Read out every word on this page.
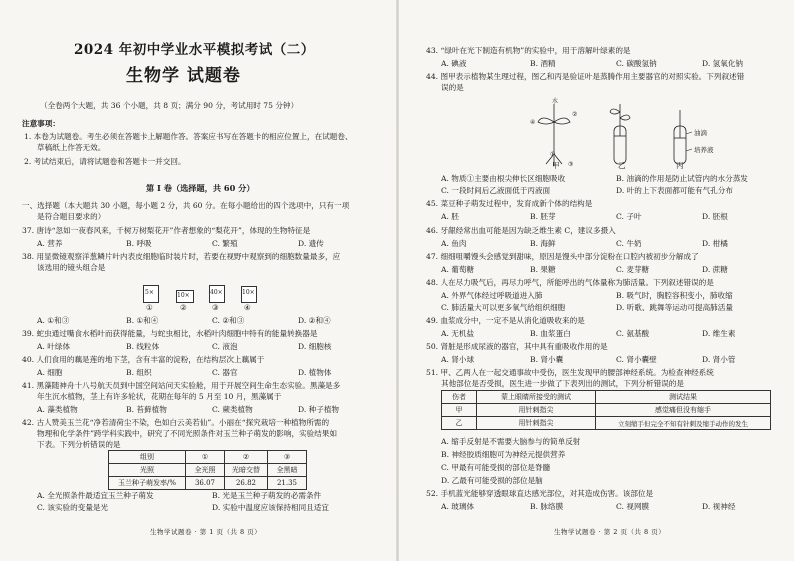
2024 年初中学业水平模拟考试（二）
生物学 试题卷
（全卷两个大题，共 36 个小题，共 8 页；满分 90 分，考试用时 75 分钟）
注意事项：
1. 本卷为试题卷。考生必须在答题卡上解题作答。答案应书写在答题卡的相应位置上，在试题卷、
草稿纸上作答无效。
2. 考试结束后，请将试题卷和答题卡一并交回。
第 I 卷（选择题，共 60 分）
一、选择题（本大题共 30 小题，每小题 2 分，共 60 分。在每小题给出的四个选项中，只有一项
是符合题目要求的）
37. 唐诗“忽如一夜春风来，千树万树梨花开”作者想象的“梨花开”，体现的生物特征是
A. 营养	B. 呼吸	C. 繁殖	D. 遗传
38. 用显微镜观察洋葱鳞片叶内表皮细胞临时装片时，若要在视野中观察到的细胞数量最多，应
该选用的镜头组合是
5×	10×	40×	10×
①	②	③	④
A. ①和③	B. ①和④	C. ②和③	D. ②和④
39. 蛇虫通过嘴食水稻叶而获得能量，与蛇虫相比，水稻叶肉细胞中特有的能量转换器是
A. 叶绿体	B. 线粒体	C. 液泡	D. 细胞核
40. 人们食用的藕是莲的地下茎，含有丰富的淀粉，在结构层次上藕属于
A. 细胞	B. 组织	C. 器官	D. 植物体
41. 黑藻随神舟十八号航天员到中国空间站问天实验舱，用于开展空间生命生态实验。黑藻是多
年生沉水植物，茎上有许多轮状，花期在每年的 5 月至 10 月，黑藻属于
A. 藻类植物	B. 苔藓植物	C. 蕨类植物	D. 种子植物
42. 古人赞美玉兰花“净若清荷尘不染，色如白云美若仙”。小丽在“探究栽培一种植物所需的
物理和化学条件”跨学科实践中，研究了不同光照条件对玉兰种子萌发的影响，实验结果如
下表。下列分析错误的是
组别	①	②	③
光照	全光照	光暗交替	全黑暗
玉兰种子萌发率/%	36.07	26.82	21.35
A. 全光照条件最适宜玉兰种子萌发	B. 光是玉兰种子萌发的必需条件
C. 该实验的变量是光	D. 实验中温度应该保持相同且适宜
生物学试题卷 · 第 1 页（共 8 页）
43. “绿叶在光下制造有机物”的实验中，用于溶解叶绿素的是
A. 碘液	B. 酒精	C. 碳酸氢钠	D. 氢氧化钠
44. 图甲表示植物某生理过程，图乙和丙是验证叶是蒸腾作用主要器官的对照实验。下列叙述错
误的是
水
②
①
③
④
油滴
培养液
甲	乙	丙
A. 物质①主要由根尖伸长区细胞吸收	B. 油滴的作用是防止试管内的水分蒸发
C. 一段时间后乙液面低于丙液面	D. 叶的上下表面都可能有气孔分布
45. 菜豆种子萌发过程中，发育成新个体的结构是
A. 胚	B. 胚芽	C. 子叶	D. 胚根
46. 牙龈经常出血可能是因为缺乏维生素 C，建议多摄入
A. 鱼肉	B. 海鲜	C. 牛奶	D. 柑橘
47. 细细咀嚼馒头会感觉到甜味，原因是馒头中部分淀粉在口腔内被初步分解成了
A. 葡萄糖	B. 果糖	C. 麦芽糖	D. 蔗糖
48. 人在尽力吸气后，再尽力呼气，所能呼出的气体量称为肺活量。下列叙述错误的是
A. 外界气体经过呼吸道进入肺	B. 吸气时，胸腔容积变小，肺收缩
C. 肺活量大可以更多氧气给组织细胞	D. 听歌、跳舞等运动可提高肺活量
49. 血浆成分中，一定不是从消化道吸收来的是
A. 无机盐	B. 血浆蛋白	C. 氨基酸	D. 维生素
50. 肾脏是形成尿液的器官，其中具有重吸收作用的是
A. 肾小球	B. 肾小囊	C. 肾小囊壁	D. 肾小管
51. 甲、乙两人在一起交通事故中受伤，医生发现甲的腰部神经系统。为检查神经系统
其他部位是否受损，医生进一步做了下表列出的测试，下列分析错误的是
伤者	蒙上眼睛所接受的测试	测试结果
甲	用针刺指尖	感觉痛但没有缩手
乙	用针刺指尖	立刻缩手但完全不知有针刺及缩手动作的发生
A. 缩手反射是不需要大脑参与的简单反射
B. 神经胶质细胞可为神经元提供营养
C. 甲最有可能受损的部位是脊髓
D. 乙最有可能受损的部位是脑
52. 手机蓝光能够穿透眼球直达感光部位，对其造成伤害。该部位是
A. 玻璃体	B. 脉络膜	C. 视网膜	D. 视神经
生物学试题卷 · 第 2 页（共 8 页）
